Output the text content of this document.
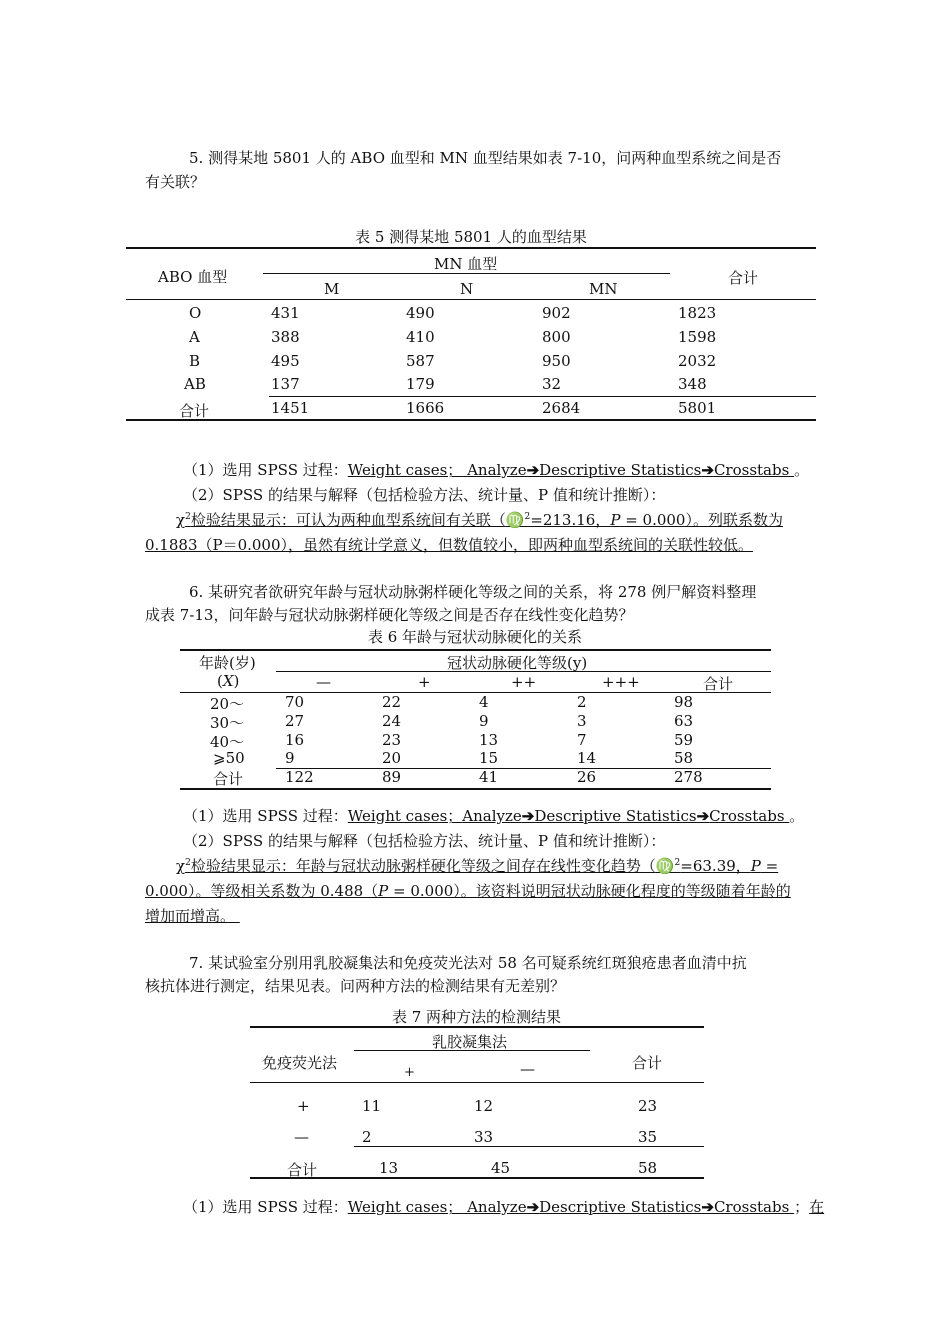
5. 测得某地 5801 人的 ABO 血型和 MN 血型结果如表 7-10，问两种血型系统之间是否
有关联？
表 5 测得某地 5801 人的血型结果
ABO 血型
MN 血型
合计
M	N	MN
O	431	490	902	1823
A	388	410	800	1598
B	495	587	950	2032
AB	137	179	32	348
合计	1451	1666	2684	5801
（1）选用 SPSS 过程：Weight cases； Analyze➔Descriptive Statistics➔Crosstabs 。
（2）SPSS 的结果与解释（包括检验方法、统计量、P 值和统计推断）：
$\chi^2$检验结果显示：可认为两种血型系统间有关联（♍$^2$=213.16，P = 0.000）。列联系数为
0.1883（P＝0.000），虽然有统计学意义，但数值较小，即两种血型系统间的关联性较低。
6. 某研究者欲研究年龄与冠状动脉粥样硬化等级之间的关系，将 278 例尸解资料整理
成表 7-13，问年龄与冠状动脉粥样硬化等级之间是否存在线性变化趋势？
表 6 年龄与冠状动脉硬化的关系
年龄(岁)
(X)
冠状动脉硬化等级(y)
—	+	++	+++	合计
20～	70	22	4	2	98
30～	27	24	9	3	63
40～	16	23	13	7	59
⩾50	9	20	15	14	58
合计	122	89	41	26	278
（1）选用 SPSS 过程：Weight cases；Analyze➔Descriptive Statistics➔Crosstabs 。
（2）SPSS 的结果与解释（包括检验方法、统计量、P 值和统计推断）：
$\chi^2$检验结果显示：年龄与冠状动脉粥样硬化等级之间存在线性变化趋势（♍$^2$=63.39，P =
0.000）。等级相关系数为 0.488（P = 0.000）。该资料说明冠状动脉硬化程度的等级随着年龄的
增加而增高。
7. 某试验室分别用乳胶凝集法和免疫荧光法对 58 名可疑系统红斑狼疮患者血清中抗
核抗体进行测定，结果见表。问两种方法的检测结果有无差别？
表 7 两种方法的检测结果
免疫荧光法
乳胶凝集法
合计
+	—
+	11	12	23
—	2	33	35
合计	13	45	58
（1）选用 SPSS 过程：Weight cases； Analyze➔Descriptive Statistics➔Crosstabs ；在
